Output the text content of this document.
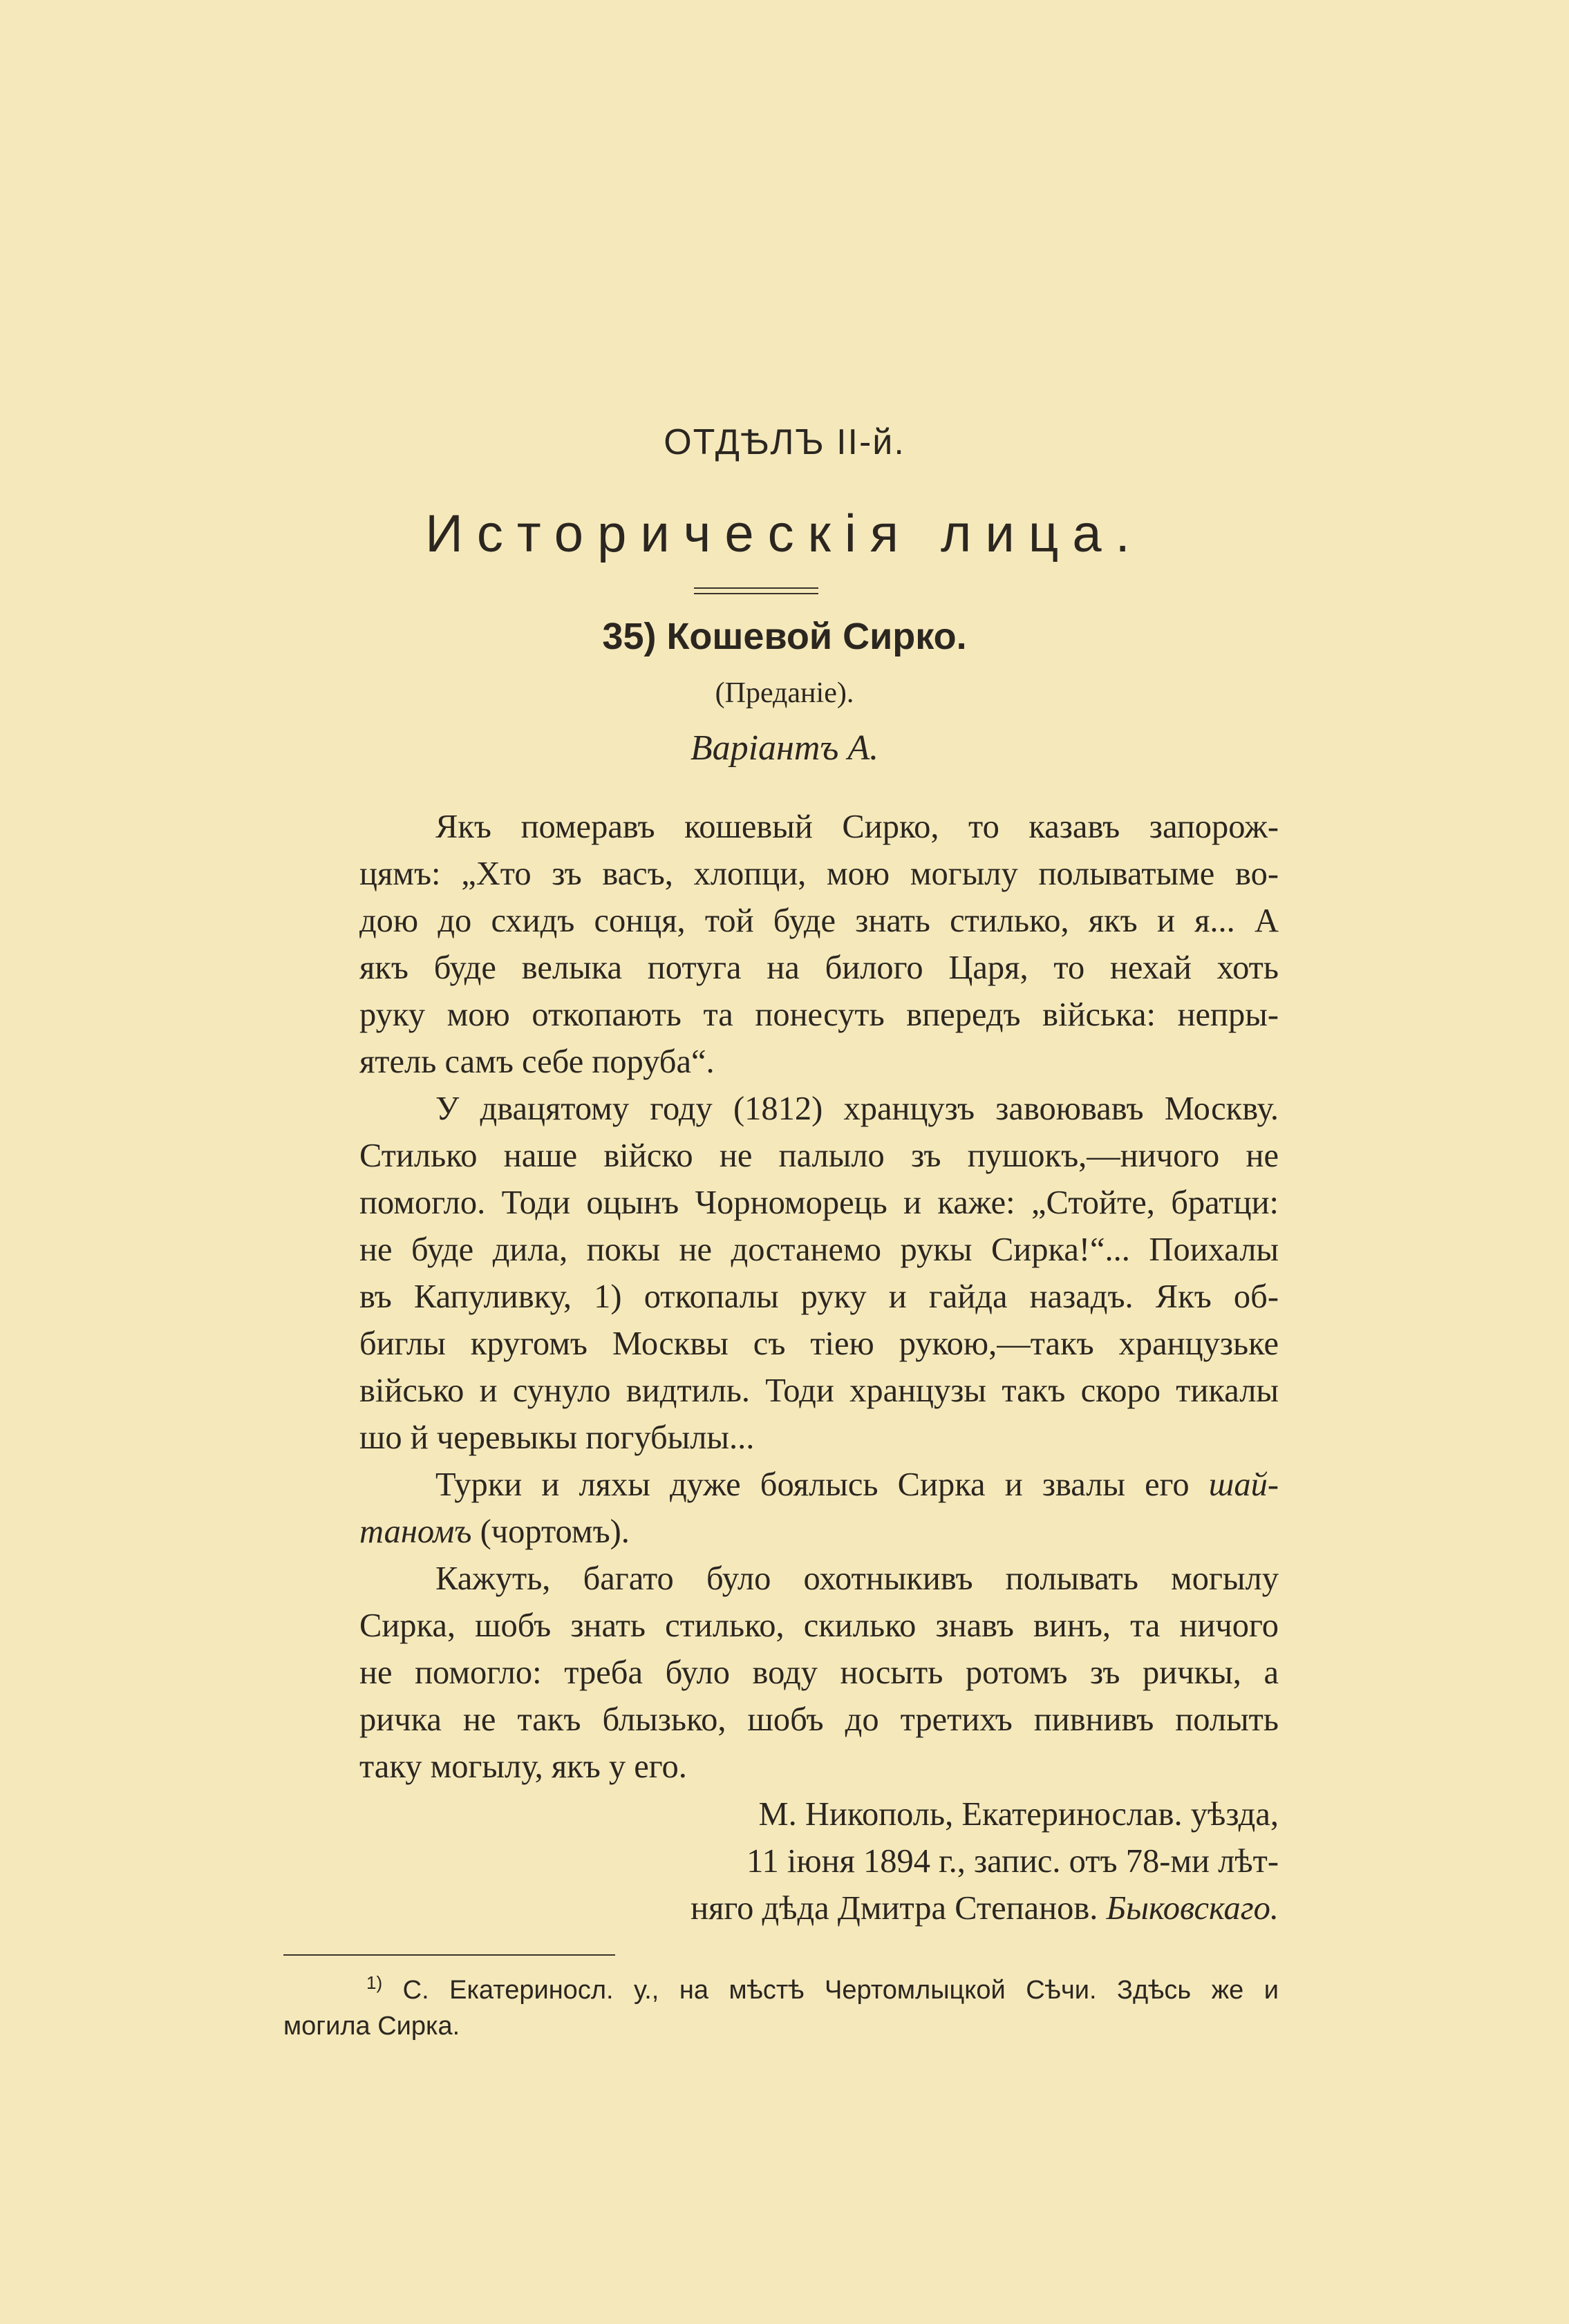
ОТДѢЛЪ II-й.
Историческія лица.
35) Кошевой Сирко.
(Преданіе).
Варіантъ А.

Якъ померавъ кошевый Сирко, то казавъ запорож-
цямъ: „Хто зъ васъ, хлопци, мою могылу полыватыме во-
дою до схидъ сонця, той буде знать стилько, якъ и я... А
якъ буде велыка потуга на билого Царя, то нехай хоть
руку мою откопають та понесуть впередъ війська: непры-
ятель самъ себе поруба“.

У двацятому году (1812) хранцузъ завоювавъ Москву.
Стилько наше війско не палыло зъ пушокъ,—ничого не
помогло. Тоди оцынъ Чорноморець и каже: „Стойте, братци:
не буде дила, покы не достанемо рукы Сирка!“... Поихалы
въ Капуливку, 1) откопалы руку и гайда назадъ. Якъ об-
биглы кругомъ Москвы съ тіею рукою,—такъ хранцузьке
військо и сунуло видтиль. Тоди хранцузы такъ скоро тикалы
шо й черевыкы погубылы...

Турки и ляхы дуже боялысь Сирка и звалы его шай-
таномъ (чортомъ).

Кажуть, багато було охотныкивъ полывать могылу
Сирка, шобъ знать стилько, скилько знавъ винъ, та ничого
не помогло: треба було воду носыть ротомъ зъ ричкы, а
ричка не такъ блызько, шобъ до третихъ пивнивъ полыть
таку могылу, якъ у его.

М. Никополь, Екатеринослав. уѣзда,
11 іюня 1894 г., запис. отъ 78-ми лѣт-
няго дѣда Дмитра Степанов. Быковскаго.
$^{1)}$ С. Екатериносл. у., на мѣстѣ Чертомлыцкой Сѣчи. Здѣсь же и
могила Сирка.
